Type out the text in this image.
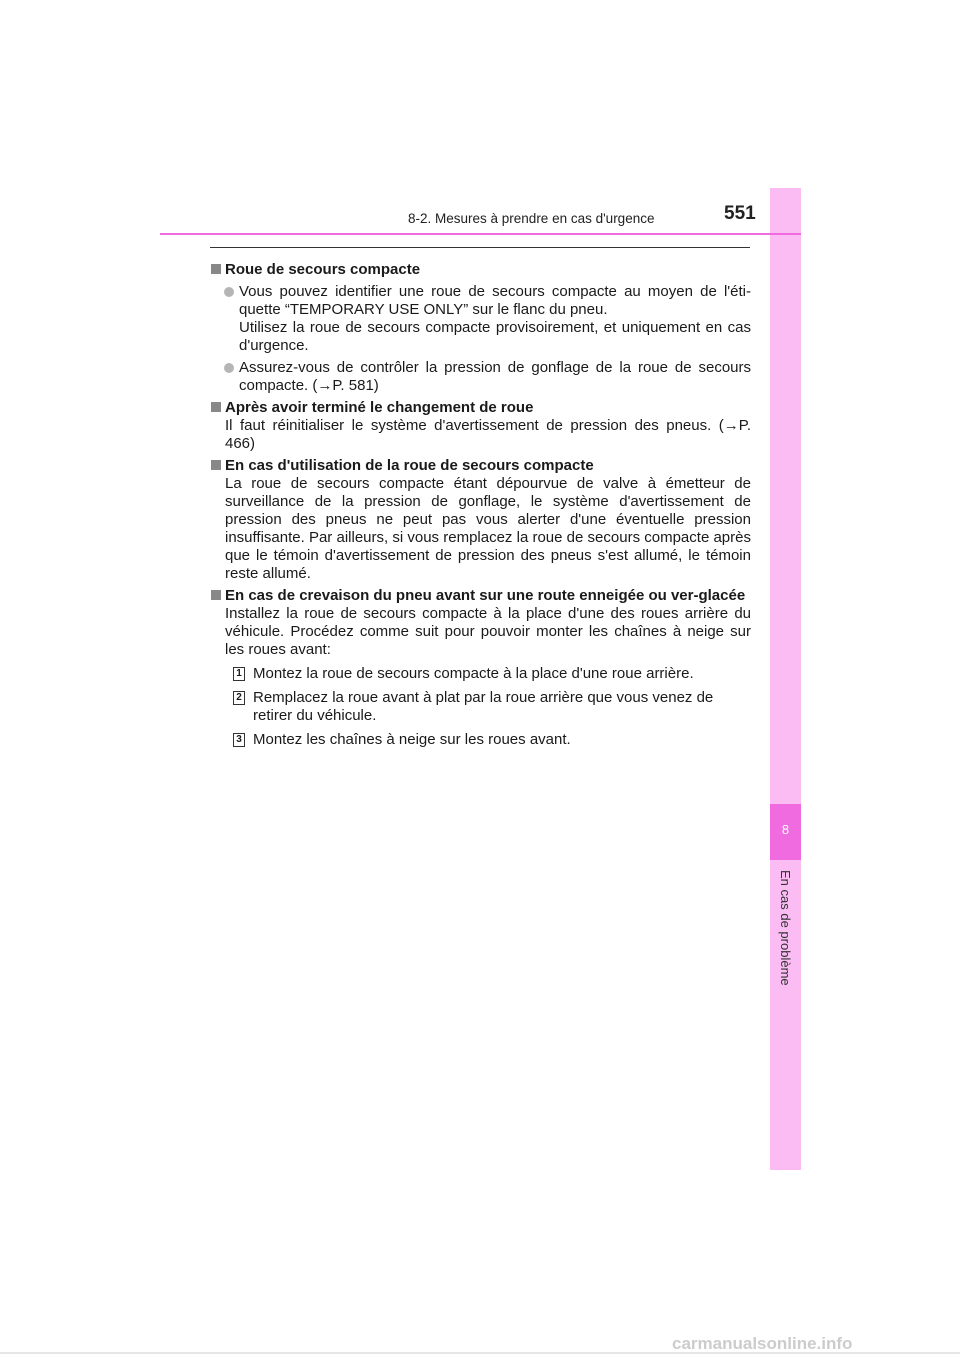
8
En cas de problème
8-2. Mesures à prendre en cas d'urgence	551
Roue de secours compacte
Vous pouvez identifier une roue de secours compacte au moyen de l'éti-quette “TEMPORARY USE ONLY” sur le flanc du pneu.
Utilisez la roue de secours compacte provisoirement, et uniquement en cas d'urgence.
Assurez-vous de contrôler la pression de gonflage de la roue de secours compacte. (→P. 581)
Après avoir terminé le changement de roue
Il faut réinitialiser le système d'avertissement de pression des pneus. (→P. 466)
En cas d'utilisation de la roue de secours compacte
La roue de secours compacte étant dépourvue de valve à émetteur de surveillance de la pression de gonflage, le système d'avertissement de pression des pneus ne peut pas vous alerter d'une éventuelle pression insuffisante. Par ailleurs, si vous remplacez la roue de secours compacte après que le témoin d'avertissement de pression des pneus s'est allumé, le témoin reste allumé.
En cas de crevaison du pneu avant sur une route enneigée ou ver-glacée
Installez la roue de secours compacte à la place d'une des roues arrière du véhicule. Procédez comme suit pour pouvoir monter les chaînes à neige sur les roues avant:
1 Montez la roue de secours compacte à la place d'une roue arrière.
2 Remplacez la roue avant à plat par la roue arrière que vous venez de retirer du véhicule.
3 Montez les chaînes à neige sur les roues avant.
carmanualsonline.info
